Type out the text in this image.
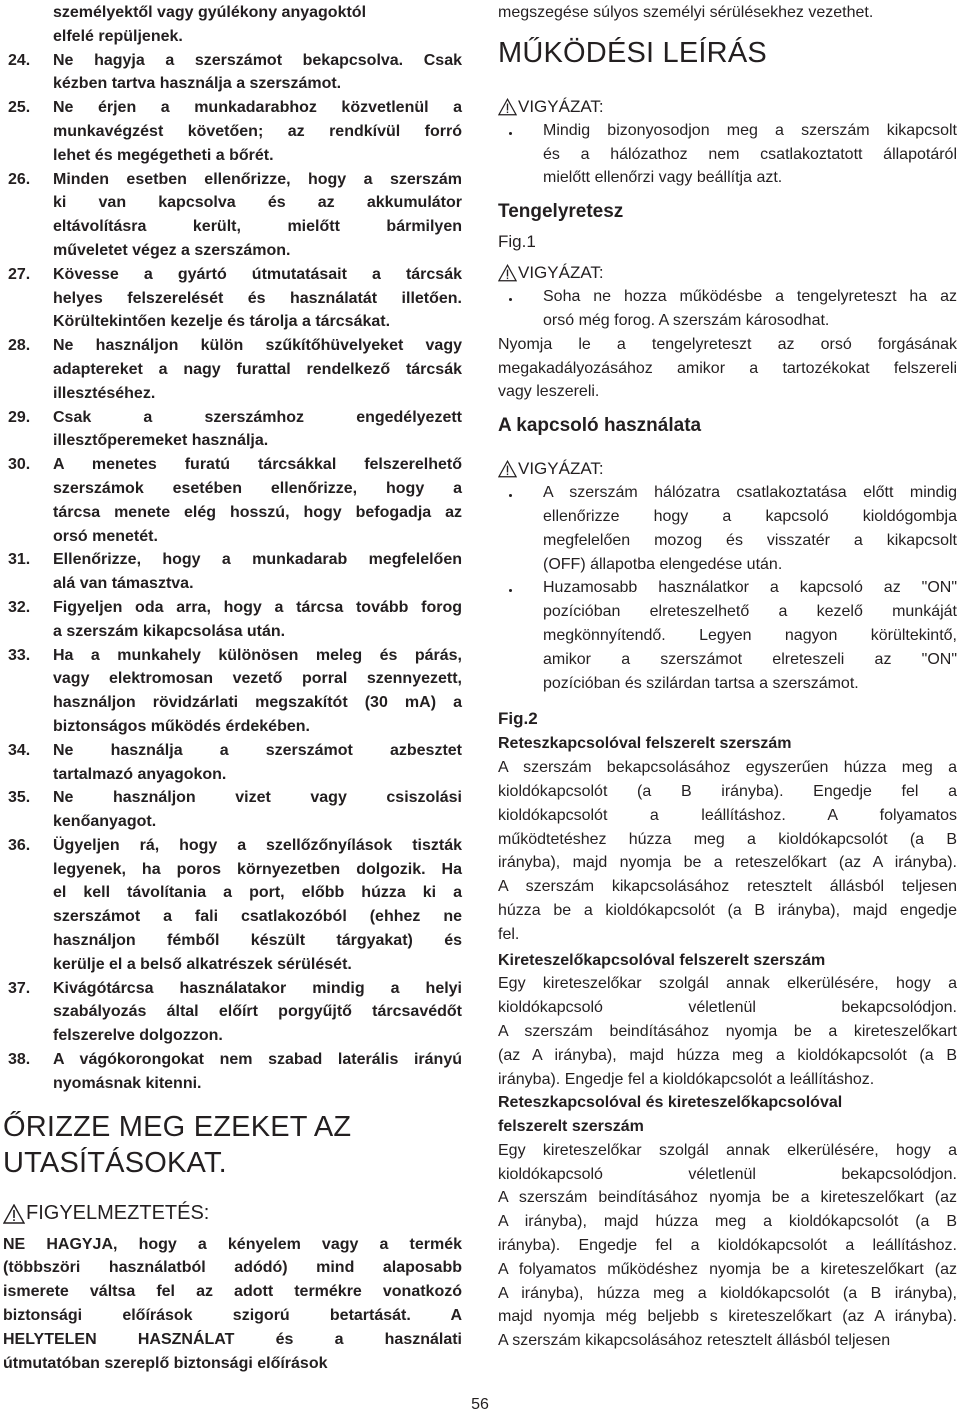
személyektől vagy gyúlékony anyagoktól
elfelé repüljenek.
24.	Ne hagyja a szerszámot bekapcsolva. Csak
kézben tartva használja a szerszámot.
25.	Ne érjen a munkadarabhoz közvetlenül a
munkavégzést követően; az rendkívül forró
lehet és megégetheti a bőrét.
26.	Minden esetben ellenőrizze, hogy a szerszám
ki van kapcsolva és az akkumulátor
eltávolításra került, mielőtt bármilyen
műveletet végez a szerszámon.
27.	Kövesse a gyártó útmutatásait a tárcsák
helyes felszerelését és használatát illetően.
Körültekintően kezelje és tárolja a tárcsákat.
28.	Ne használjon külön szűkítőhüvelyeket vagy
adaptereket a nagy furattal rendelkező tárcsák
illesztéséhez.
29.	Csak a szerszámhoz engedélyezett
illesztőperemeket használja.
30.	A menetes furatú tárcsákkal felszerelhető
szerszámok esetében ellenőrizze, hogy a
tárcsa menete elég hosszú, hogy befogadja az
orsó menetét.
31.	Ellenőrizze, hogy a munkadarab megfelelően
alá van támasztva.
32.	Figyeljen oda arra, hogy a tárcsa tovább forog
a szerszám kikapcsolása után.
33.	Ha a munkahely különösen meleg és párás,
vagy elektromosan vezető porral szennyezett,
használjon rövidzárlati megszakítót (30 mA) a
biztonságos működés érdekében.
34.	Ne használja a szerszámot azbesztet
tartalmazó anyagokon.
35.	Ne használjon vizet vagy csiszolási
kenőanyagot.
36.	Ügyeljen rá, hogy a szellőzőnyílások tiszták
legyenek, ha poros környezetben dolgozik. Ha
el kell távolítania a port, előbb húzza ki a
szerszámot a fali csatlakozóból (ehhez ne
használjon fémből készült tárgyakat) és
kerülje el a belső alkatrészek sérülését.
37.	Kivágótárcsa használatakor mindig a helyi
szabályozás által előírt porgyűjtő tárcsavédőt
felszerelve dolgozzon.
38.	A vágókorongokat nem szabad laterális irányú
nyomásnak kitenni.
ŐRIZZE MEG EZEKET AZ
UTASÍTÁSOKAT.
FIGYELMEZTETÉS:
NE HAGYJA, hogy a kényelem vagy a termék
(többszöri használatból adódó) mind alaposabb
ismerete váltsa fel az adott termékre vonatkozó
biztonsági előírások szigorú betartását. A
HELYTELEN HASZNÁLAT és a használati
útmutatóban szereplő biztonsági előírások
megszegése súlyos személyi sérülésekhez vezethet.
MŰKÖDÉSI LEÍRÁS
VIGYÁZAT:
Mindig bizonyosodjon meg a szerszám kikapcsolt
és a hálózathoz nem csatlakoztatott állapotáról
mielőtt ellenőrzi vagy beállítja azt.
Tengelyretesz
Fig.1
VIGYÁZAT:
Soha ne hozza működésbe a tengelyreteszt ha az
orsó még forog. A szerszám károsodhat.
Nyomja le a tengelyreteszt az orsó forgásának
megakadályozásához amikor a tartozékokat felszereli
vagy leszereli.
A kapcsoló használata
VIGYÁZAT:
A szerszám hálózatra csatlakoztatása előtt mindig
ellenőrizze hogy a kapcsoló kioldógombja
megfelelően mozog és visszatér a kikapcsolt
(OFF) állapotba elengedése után.
Huzamosabb használatkor a kapcsoló az "ON"
pozícióban elreteszelhető a kezelő munkáját
megkönnyítendő. Legyen nagyon körültekintő,
amikor a szerszámot elreteszeli az "ON"
pozícióban és szilárdan tartsa a szerszámot.
Fig.2
Reteszkapcsolóval felszerelt szerszám
A szerszám bekapcsolásához egyszerűen húzza meg a
kioldókapcsolót (a B irányba). Engedje fel a
kioldókapcsolót a leállításhoz. A folyamatos
működtetéshez húzza meg a kioldókapcsolót (a B
irányba), majd nyomja be a reteszelőkart (az A irányba).
A szerszám kikapcsolásához retesztelt állásból teljesen
húzza be a kioldókapcsolót (a B irányba), majd engedje
fel.
Kireteszelőkapcsolóval felszerelt szerszám
Egy kireteszelőkar szolgál annak elkerülésére, hogy a
kioldókapcsoló véletlenül bekapcsolódjon.
A szerszám beindításához nyomja be a kireteszelőkart
(az A irányba), majd húzza meg a kioldókapcsolót (a B
irányba). Engedje fel a kioldókapcsolót a leállításhoz.
Reteszkapcsolóval és kireteszelőkapcsolóval
felszerelt szerszám
Egy kireteszelőkar szolgál annak elkerülésére, hogy a
kioldókapcsoló véletlenül bekapcsolódjon.
A szerszám beindításához nyomja be a kireteszelőkart (az
A irányba), majd húzza meg a kioldókapcsolót (a B
irányba). Engedje fel a kioldókapcsolót a leállításhoz.
A folyamatos működéshez nyomja be a kireteszelőkart (az
A irányba), húzza meg a kioldókapcsolót (a B irányba),
majd nyomja még beljebb s kireteszelőkart (az A irányba).
A szerszám kikapcsolásához retesztelt állásból teljesen
56
